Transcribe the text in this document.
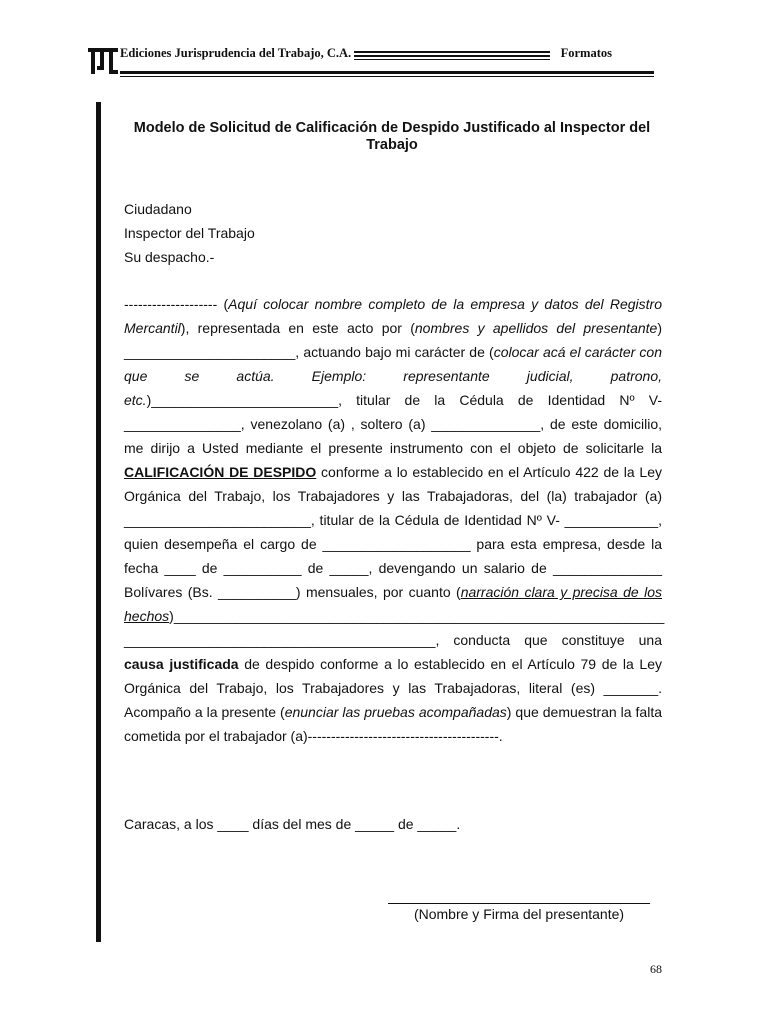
Ediciones Jurisprudencia del Trabajo, C.A.	Formatos
Modelo de Solicitud de Calificación de Despido Justificado al Inspector del Trabajo
Ciudadano
Inspector del Trabajo
Su despacho.-

-------------------- (Aquí colocar nombre completo de la empresa y datos del Registro Mercantil), representada en este acto por (nombres y apellidos del presentante) ______________________, actuando bajo mi carácter de (colocar acá el carácter con que se actúa. Ejemplo: representante judicial, patrono, etc.)________________________, titular de la Cédula de Identidad Nº V- _______________, venezolano (a) , soltero (a) ______________, de este domicilio, me dirijo a Usted mediante el presente instrumento con el objeto de solicitarle la CALIFICACIÓN DE DESPIDO conforme a lo establecido en el Artículo 422 de la Ley Orgánica del Trabajo, los Trabajadores y las Trabajadoras, del (la) trabajador (a) ________________________, titular de la Cédula de Identidad Nº V- ____________, quien desempeña el cargo de ___________________ para esta empresa, desde la fecha ____ de __________ de _____, devengando un salario de ______________ Bolívares (Bs. __________) mensuales, por cuanto (narración clara y precisa de los hechos)_______________________________________________________________ ________________________________________, conducta que constituye una causa justificada de despido conforme a lo establecido en el Artículo 79 de la Ley Orgánica del Trabajo, los Trabajadores y las Trabajadoras, literal (es) _______. Acompaño a la presente (enunciar las pruebas acompañadas) que demuestran la falta cometida por el trabajador (a)-----------------------------------------.

Caracas, a los ____ días del mes de _____ de _____.
(Nombre y Firma del presentante)
68
